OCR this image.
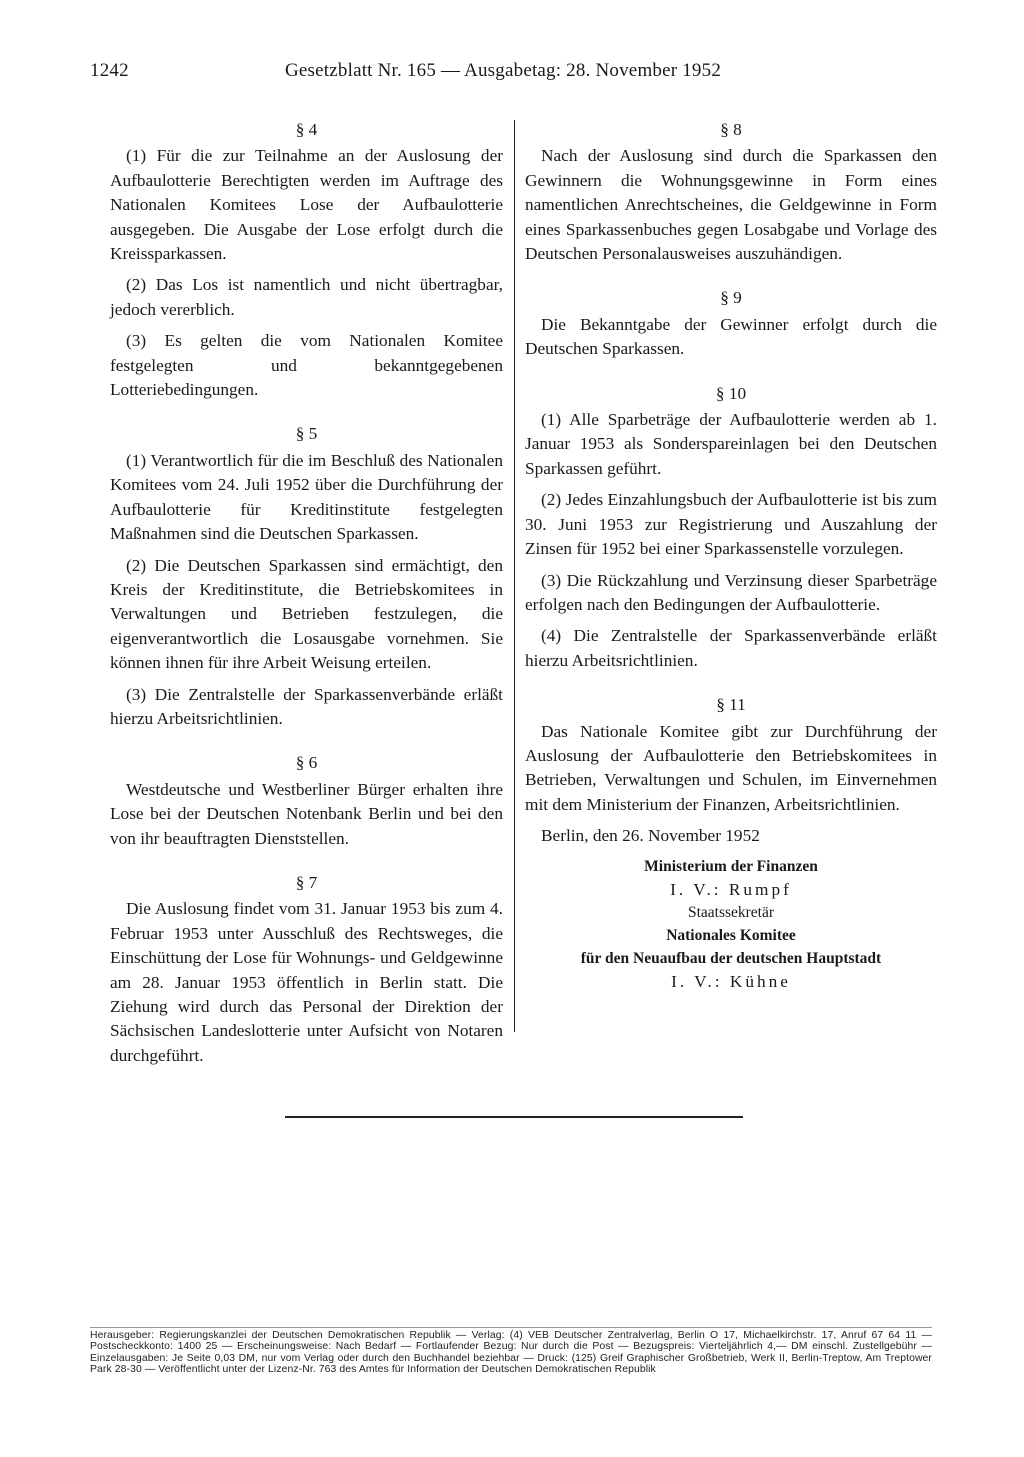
1242	Gesetzblatt Nr. 165 — Ausgabetag: 28. November 1952
§ 4

(1) Für die zur Teilnahme an der Auslosung der Aufbaulotterie Berechtigten werden im Auftrage des Nationalen Komitees Lose der Aufbaulotterie ausgegeben. Die Ausgabe der Lose erfolgt durch die Kreissparkassen.

(2) Das Los ist namentlich und nicht übertragbar, jedoch vererblich.

(3) Es gelten die vom Nationalen Komitee festgelegten und bekanntgegebenen Lotteriebedingungen.

§ 5

(1) Verantwortlich für die im Beschluß des Nationalen Komitees vom 24. Juli 1952 über die Durchführung der Aufbaulotterie für Kreditinstitute festgelegten Maßnahmen sind die Deutschen Sparkassen.

(2) Die Deutschen Sparkassen sind ermächtigt, den Kreis der Kreditinstitute, die Betriebskomitees in Verwaltungen und Betrieben festzulegen, die eigenverantwortlich die Losausgabe vornehmen. Sie können ihnen für ihre Arbeit Weisung erteilen.

(3) Die Zentralstelle der Sparkassenverbände erläßt hierzu Arbeitsrichtlinien.

§ 6

Westdeutsche und Westberliner Bürger erhalten ihre Lose bei der Deutschen Notenbank Berlin und bei den von ihr beauftragten Dienststellen.

§ 7

Die Auslosung findet vom 31. Januar 1953 bis zum 4. Februar 1953 unter Ausschluß des Rechtsweges, die Einschüttung der Lose für Wohnungs- und Geldgewinne am 28. Januar 1953 öffentlich in Berlin statt. Die Ziehung wird durch das Personal der Direktion der Sächsischen Landeslotterie unter Aufsicht von Notaren durchgeführt.

§ 8

Nach der Auslosung sind durch die Sparkassen den Gewinnern die Wohnungsgewinne in Form eines namentlichen Anrechtscheines, die Geldgewinne in Form eines Sparkassenbuches gegen Losabgabe und Vorlage des Deutschen Personalausweises auszuhändigen.

§ 9

Die Bekanntgabe der Gewinner erfolgt durch die Deutschen Sparkassen.

§ 10

(1) Alle Sparbeträge der Aufbaulotterie werden ab 1. Januar 1953 als Sonderspareinlagen bei den Deutschen Sparkassen geführt.

(2) Jedes Einzahlungsbuch der Aufbaulotterie ist bis zum 30. Juni 1953 zur Registrierung und Auszahlung der Zinsen für 1952 bei einer Sparkassenstelle vorzulegen.

(3) Die Rückzahlung und Verzinsung dieser Sparbeträge erfolgen nach den Bedingungen der Aufbaulotterie.

(4) Die Zentralstelle der Sparkassenverbände erläßt hierzu Arbeitsrichtlinien.

§ 11

Das Nationale Komitee gibt zur Durchführung der Auslosung der Aufbaulotterie den Betriebskomitees in Betrieben, Verwaltungen und Schulen, im Einvernehmen mit dem Ministerium der Finanzen, Arbeitsrichtlinien.

Berlin, den 26. November 1952
Ministerium der Finanzen
I. V.: Rumpf
Staatssekretär
Nationales Komitee
für den Neuaufbau der deutschen Hauptstadt
I. V.: Kühne
Herausgeber: Regierungskanzlei der Deutschen Demokratischen Republik — Verlag: (4) VEB Deutscher Zentralverlag, Berlin O 17, Michaelkirchstr. 17, Anruf 67 64 11 — Postscheckkonto: 1400 25 — Erscheinungsweise: Nach Bedarf — Fortlaufender Bezug: Nur durch die Post — Bezugspreis: Vierteljährlich 4,— DM einschl. Zustellgebühr — Einzelausgaben: Je Seite 0,03 DM, nur vom Verlag oder durch den Buchhandel beziehbar — Druck: (125) Greif Graphischer Großbetrieb, Werk II, Berlin-Treptow, Am Treptower Park 28-30 — Veröffentlicht unter der Lizenz-Nr. 763 des Amtes für Information der Deutschen Demokratischen Republik
